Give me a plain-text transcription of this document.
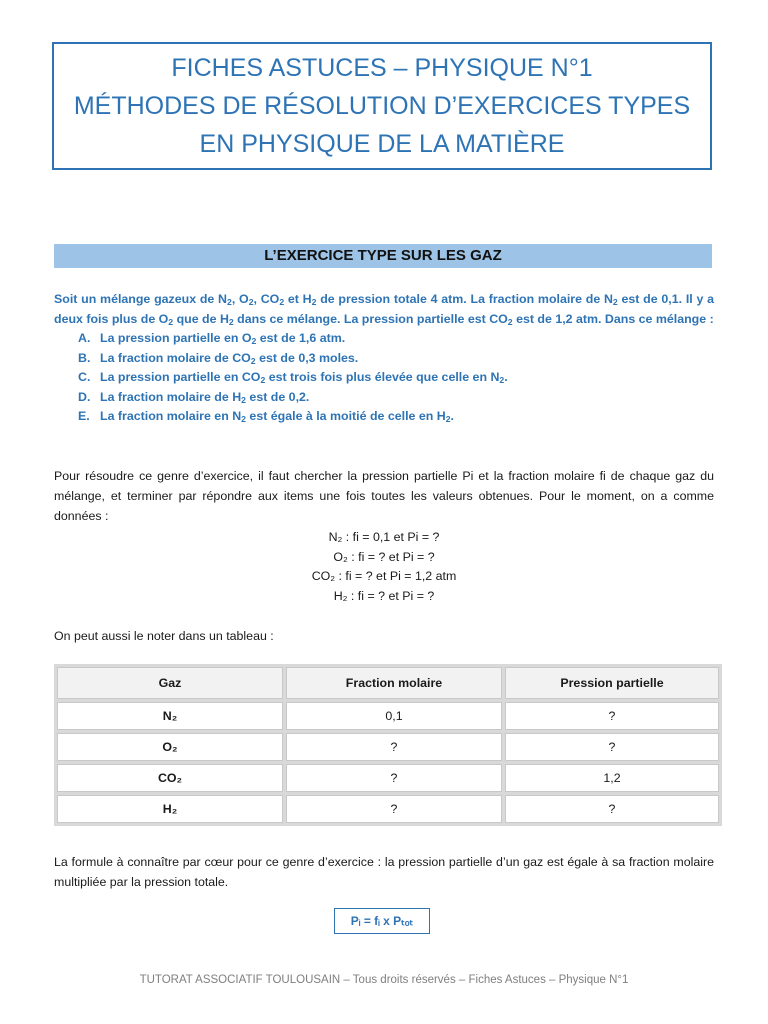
FICHES ASTUCES – PHYSIQUE N°1
MÉTHODES DE RÉSOLUTION D’EXERCICES TYPES
EN PHYSIQUE DE LA MATIÈRE
L’EXERCICE TYPE SUR LES GAZ

Soit un mélange gazeux de $N_2$, $O_2$, $CO_2$ et $H_2$ de pression totale 4 atm. La fraction molaire de $N_2$ est de 0,1. Il y a deux fois plus de $O_2$ que de $H_2$ dans ce mélange. La pression partielle est $CO_2$ est de 1,2 atm. Dans ce mélange :

A. La pression partielle en $O_2$ est de 1,6 atm.
B. La fraction molaire de $CO_2$ est de 0,3 moles.
C. La pression partielle en $CO_2$ est trois fois plus élevée que celle en $N_2$.
D. La fraction molaire de $H_2$ est de 0,2.
E. La fraction molaire en $N_2$ est égale à la moitié de celle en $H_2$.

Pour résoudre ce genre d’exercice, il faut chercher la pression partielle Pi et la fraction molaire fi de chaque gaz du mélange, et terminer par répondre aux items une fois toutes les valeurs obtenues. Pour le moment, on a comme données :

N₂ : fi = 0,1 et Pi = ?
O₂ : fi = ? et Pi = ?
CO₂ : fi = ? et Pi = 1,2 atm
H₂ : fi = ? et Pi = ?

On peut aussi le noter dans un tableau :

Gaz	Fraction molaire	Pression partielle
N₂	0,1	?
O₂	?	?
CO₂	?	1,2
H₂	?	?

La formule à connaître par cœur pour ce genre d’exercice : la pression partielle d’un gaz est égale à sa fraction molaire multipliée par la pression totale.

Pᵢ = fᵢ x Pₜₒₜ
TUTORAT ASSOCIATIF TOULOUSAIN – Tous droits réservés – Fiches Astuces – Physique N°1
